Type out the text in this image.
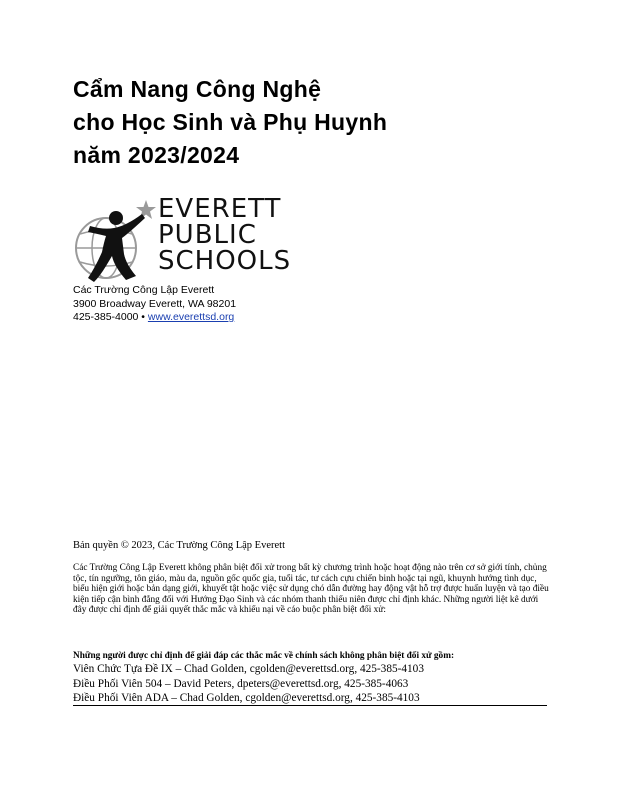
Cẩm Nang Công Nghệ
cho Học Sinh và Phụ Huynh
năm 2023/2024
EVERETT
PUBLIC
SCHOOLS
Các Trường Công Lập Everett
3900 Broadway Everett, WA 98201
425-385-4000 • www.everettsd.org
Bản quyền © 2023, Các Trường Công Lập Everett
Các Trường Công Lập Everett không phân biệt đối xử trong bất kỳ chương trình hoặc hoạt động nào trên cơ sở giới tính, chủng tộc, tín ngưỡng, tôn giáo, màu da, nguồn gốc quốc gia, tuổi tác, tư cách cựu chiến binh hoặc tại ngũ, khuynh hướng tình dục, biểu hiện giới hoặc bản dạng giới, khuyết tật hoặc việc sử dụng chó dẫn đường hay động vật hỗ trợ được huấn luyện và tạo điều kiện tiếp cận bình đẳng đối với Hướng Đạo Sinh và các nhóm thanh thiếu niên được chỉ định khác. Những người liệt kê dưới đây được chỉ định để giải quyết thắc mắc và khiếu nại về cáo buộc phân biệt đối xử:
Những người được chỉ định để giải đáp các thắc mắc về chính sách không phân biệt đối xử gồm:
Viên Chức Tựa Đề IX – Chad Golden, cgolden@everettsd.org, 425-385-4103
Điều Phối Viên 504 – David Peters, dpeters@everettsd.org, 425-385-4063
Điều Phối Viên ADA – Chad Golden, cgolden@everettsd.org, 425-385-4103
